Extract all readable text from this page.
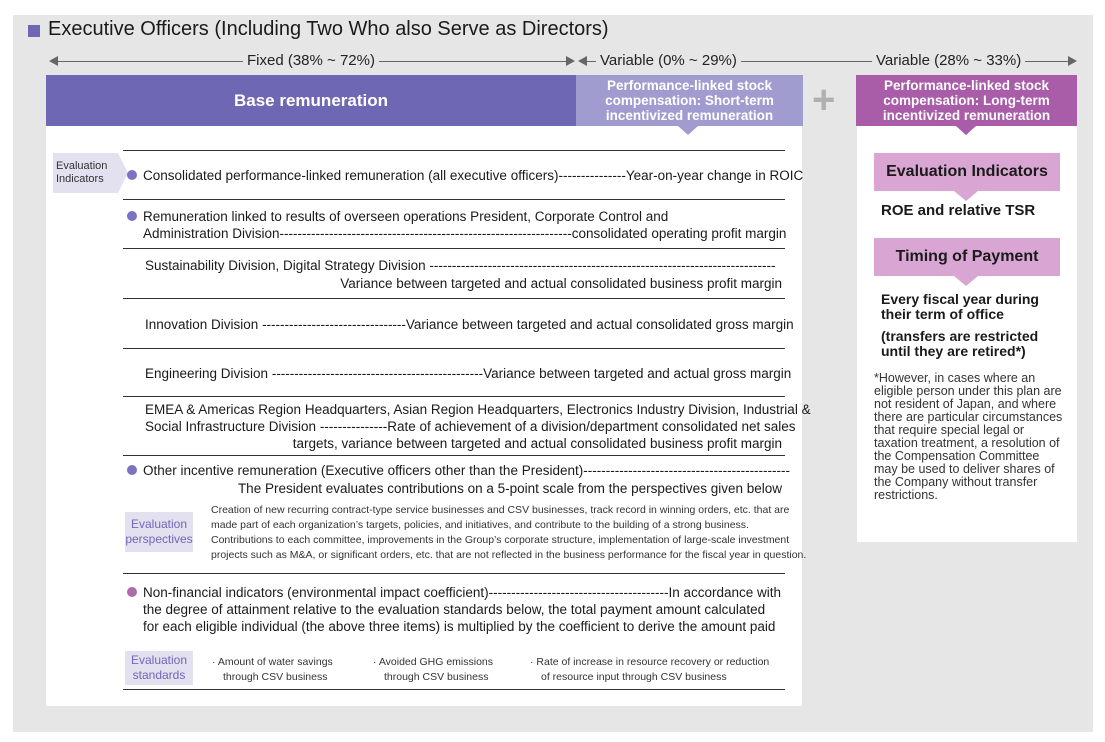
Executive Officers (Including Two Who also Serve as Directors)
Fixed (38% ~ 72%)	Variable (0% ~ 29%)	Variable (28% ~ 33%)
Base remuneration
Performance-linked stock
compensation: Short-term
incentivized remuneration +	Performance-linked stock
compensation: Long-term
incentivized remuneration
Evaluation
Indicators	Consolidated performance-linked remuneration (all executive officers)---------------Year-on-year change in ROIC
Remuneration linked to results of overseen operations President, Corporate Control and
Administration Division-----------------------------------------------------------------consolidated operating profit margin
Sustainability Division, Digital Strategy Division -----------------------------------------------------------------------------
Variance between targeted and actual consolidated business profit margin
Innovation Division --------------------------------Variance between targeted and actual consolidated gross margin
Engineering Division -----------------------------------------------Variance between targeted and actual gross margin
EMEA & Americas Region Headquarters, Asian Region Headquarters, Electronics Industry Division, Industrial &
Social Infrastructure Division ---------------Rate of achievement of a division/department consolidated net sales
targets, variance between targeted and actual consolidated business profit margin
Other incentive remuneration (Executive officers other than the President)----------------------------------------------
The President evaluates contributions on a 5-point scale from the perspectives given below
Evaluation
perspectives
Creation of new recurring contract-type service businesses and CSV businesses, track record in winning orders, etc. that are
made part of each organization’s targets, policies, and initiatives, and contribute to the building of a strong business.
Contributions to each committee, improvements in the Group’s corporate structure, implementation of large-scale investment
projects such as M&A, or significant orders, etc. that are not reflected in the business performance for the fiscal year in question.
Non-financial indicators (environmental impact coefficient)----------------------------------------In accordance with
the degree of attainment relative to the evaluation standards below, the total payment amount calculated
for each eligible individual (the above three items) is multiplied by the coefficient to derive the amount paid
Evaluation
standards
· Amount of water savings
through CSV business
· Avoided GHG emissions
through CSV business
· Rate of increase in resource recovery or reduction
of resource input through CSV business
Evaluation Indicators
ROE and relative TSR
Timing of Payment
Every fiscal year during
their term of office
(transfers are restricted
until they are retired*)
*However, in cases where an eligible person under this plan are not resident of Japan, and where there are particular circumstances that require special legal or taxation treatment, a resolution of the Compensation Committee may be used to deliver shares of the Company without transfer restrictions.
